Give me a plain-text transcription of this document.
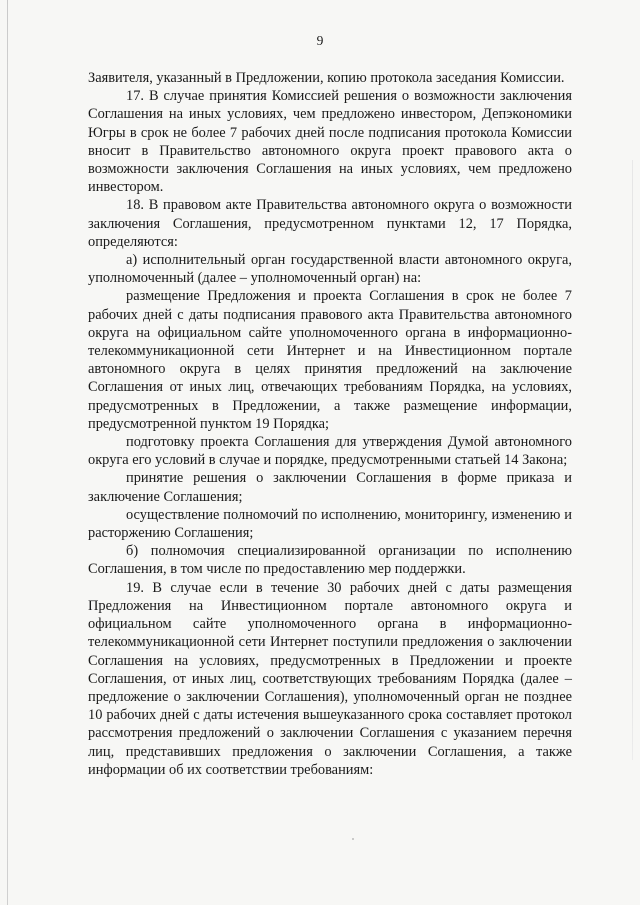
9

Заявителя, указанный в Предложении, копию протокола заседания Комиссии.

17. В случае принятия Комиссией решения о возможности заключения Соглашения на иных условиях, чем предложено инвестором, Депэкономики Югры в срок не более 7 рабочих дней после подписания протокола Комиссии вносит в Правительство автономного округа проект правового акта о возможности заключения Соглашения на иных условиях, чем предложено инвестором.

18. В правовом акте Правительства автономного округа о возможности заключения Соглашения, предусмотренном пунктами 12, 17 Порядка, определяются:

а) исполнительный орган государственной власти автономного округа, уполномоченный (далее – уполномоченный орган) на:

размещение Предложения и проекта Соглашения в срок не более 7 рабочих дней с даты подписания правового акта Правительства автономного округа на официальном сайте уполномоченного органа в информационно-телекоммуникационной сети Интернет и на Инвестиционном портале автономного округа в целях принятия предложений на заключение Соглашения от иных лиц, отвечающих требованиям Порядка, на условиях, предусмотренных в Предложении, а также размещение информации, предусмотренной пунктом 19 Порядка;

подготовку проекта Соглашения для утверждения Думой автономного округа его условий в случае и порядке, предусмотренными статьей 14 Закона;

принятие решения о заключении Соглашения в форме приказа и заключение Соглашения;

осуществление полномочий по исполнению, мониторингу, изменению и расторжению Соглашения;

б) полномочия специализированной организации по исполнению Соглашения, в том числе по предоставлению мер поддержки.

19. В случае если в течение 30 рабочих дней с даты размещения Предложения на Инвестиционном портале автономного округа и официальном сайте уполномоченного органа в информационно-телекоммуникационной сети Интернет поступили предложения о заключении Соглашения на условиях, предусмотренных в Предложении и проекте Соглашения, от иных лиц, соответствующих требованиям Порядка (далее – предложение о заключении Соглашения), уполномоченный орган не позднее 10 рабочих дней с даты истечения вышеуказанного срока составляет протокол рассмотрения предложений о заключении Соглашения с указанием перечня лиц, представивших предложения о заключении Соглашения, а также информации об их соответствии требованиям:
